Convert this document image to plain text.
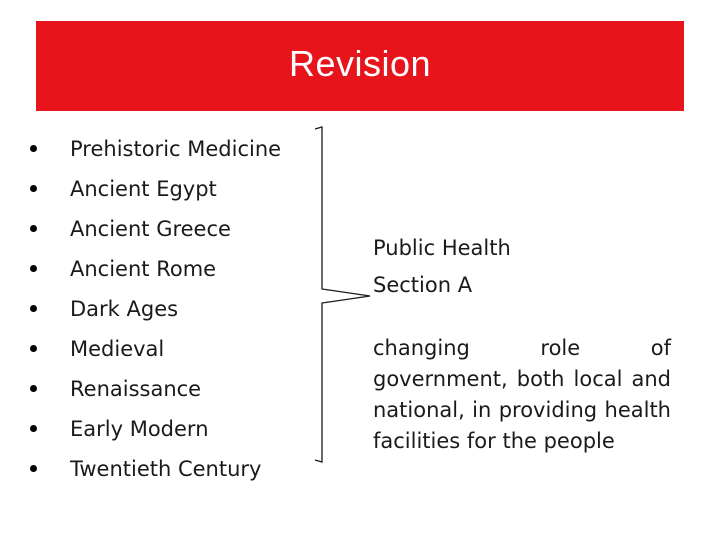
Revision
Prehistoric Medicine
Ancient Egypt
Ancient Greece
Ancient Rome
Dark Ages
Medieval
Renaissance
Early Modern
Twentieth Century
Public Health
Section A
changing role of government, both local and national, in providing health facilities for the people
